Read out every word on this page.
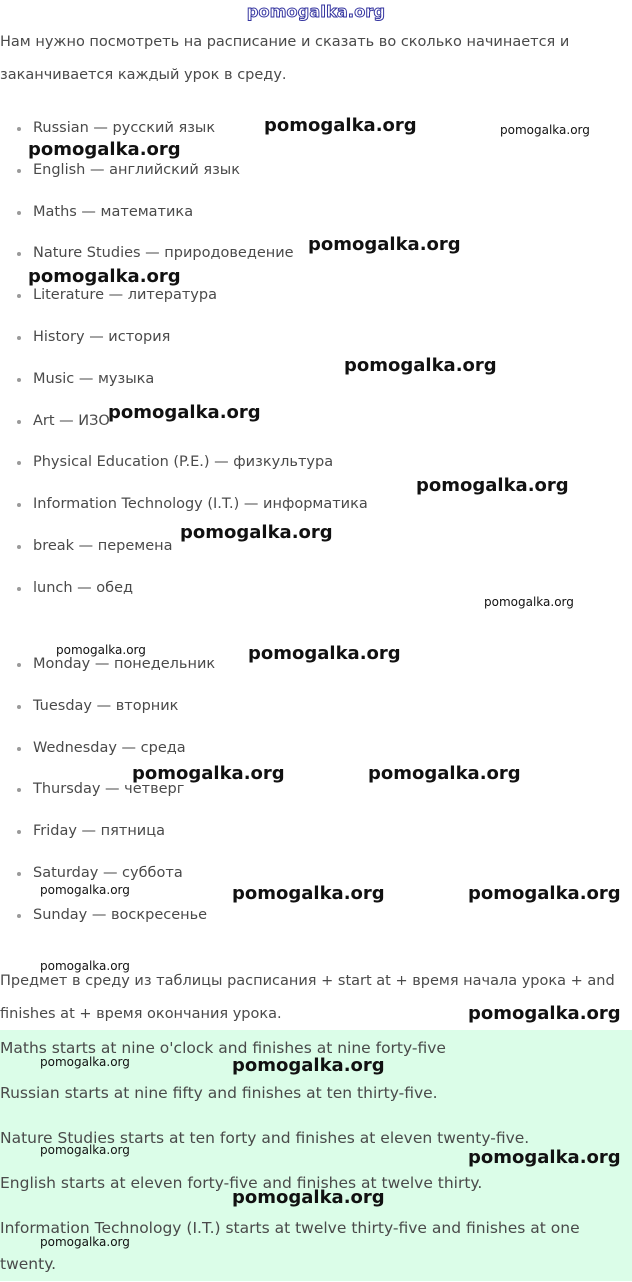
pomogalka.org

Нам нужно посмотреть на расписание и сказать во сколько начинается и заканчивается каждый урок в среду.

Russian — русский язык
English — английский язык
Maths — математика
Nature Studies — природоведение
Literature — литература
History — история
Music — музыка
Art — ИЗО
Physical Education (P.E.) — физкультура
Information Technology (I.T.) — информатика
break — перемена
lunch — обед
Monday — понедельник
Tuesday — вторник
Wednesday — среда
Thursday — четверг
Friday — пятница
Saturday — суббота
Sunday — воскресенье

Предмет в среду из таблицы расписания + start at + время начала урока + and finishes at + время окончания урока.

Maths starts at nine o'clock and finishes at nine forty-five

Russian starts at nine fifty and finishes at ten thirty-five.

Nature Studies starts at ten forty and finishes at eleven twenty-five.

English starts at eleven forty-five and finishes at twelve thirty.

Information Technology (I.T.) starts at twelve thirty-five and finishes at one twenty.

pomogalka.org	pomogalka.org
pomogalka.org
pomogalka.org
pomogalka.org
pomogalka.org
pomogalka.org
pomogalka.org
pomogalka.org
pomogalka.org
pomogalka.org	pomogalka.org
pomogalka.org	pomogalka.org
pomogalka.org	pomogalka.org	pomogalka.org
pomogalka.org
pomogalka.org
pomogalka.org	pomogalka.org
pomogalka.org	pomogalka.org
pomogalka.org
pomogalka.org
